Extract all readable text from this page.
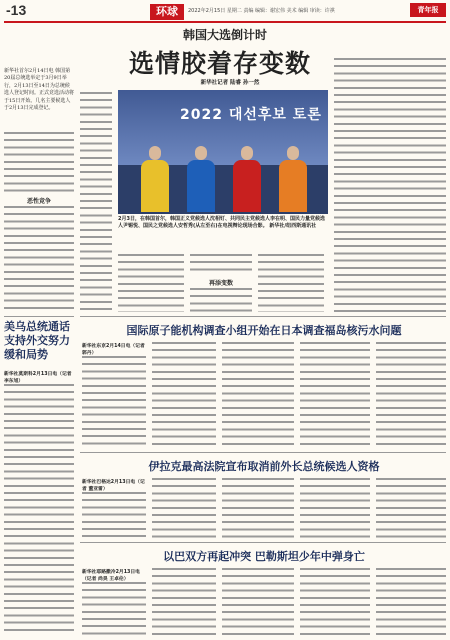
-13	环球	2022年2月15日 星期二 责编 编辑：谢宏伟 美术 编辑 审读：许祺	青年报
韩国大选倒计时
选情胶着存变数
新华社记者 陆睿 孙一然
新华社首尔2月14日电 韩国第20届总统选举定于3月9日举行，2月13日至14日为总统候选人登记时间。正式竞选活动将于15日开始。几名主要候选人于2月13日完成登记。
恶性竞争
2022 대선후보 토론
2月3日，在韩国首尔，韩国正义党候选人沈相钉、共同民主党候选人李在明、国民力量党候选人尹锡悦、国民之党候选人安哲秀(从左至右)在电视辩论现场合影。 新华社/纽西斯通讯社
再添变数
美乌总统通话支持外交努力缓和局势
新华社莫斯科2月13日电（记者 李东旭）
国际原子能机构调查小组开始在日本调查福岛核污水问题
新华社东京2月14日电（记者 郭丹）
伊拉克最高法院宣布取消前外长总统候选人资格
新华社巴格达2月13日电（记者 董亚雷）
以巴双方再起冲突 巴勒斯坦少年中弹身亡
新华社耶路撒冷2月13日电（记者 尚昊 王卓伦）
